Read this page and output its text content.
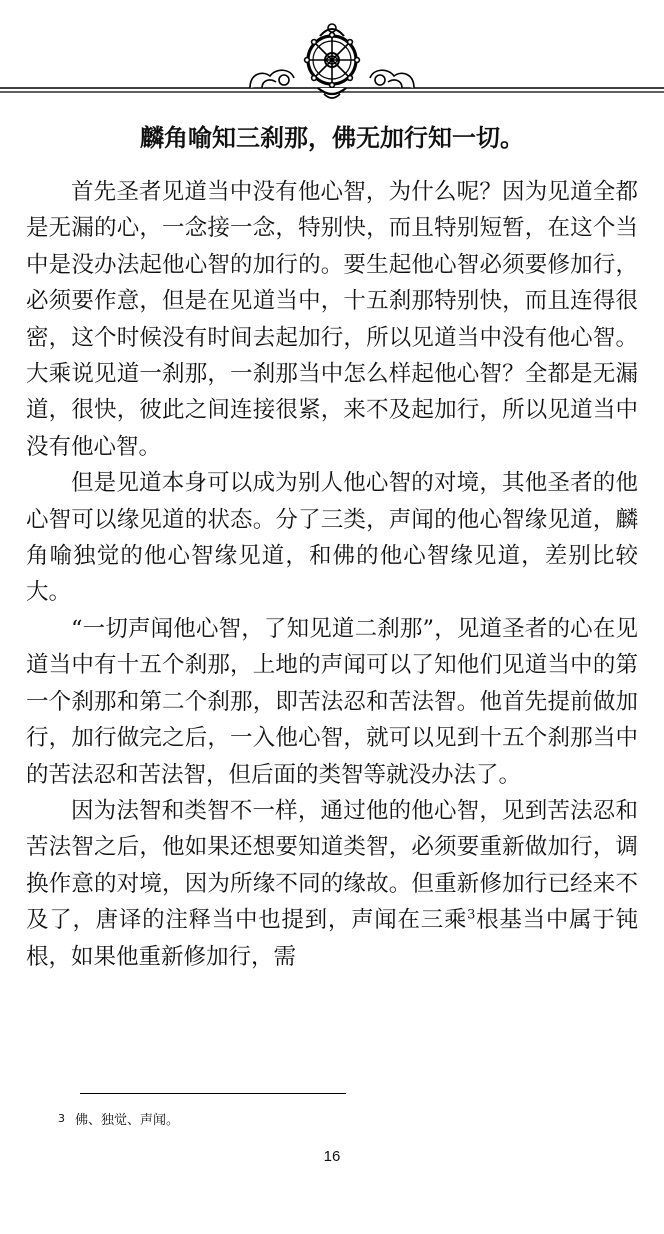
麟角喻知三刹那，佛无加行知一切。

首先圣者见道当中没有他心智，为什么呢？因为见道全都是无漏的心，一念接一念，特别快，而且特别短暂，在这个当中是没办法起他心智的加行的。要生起他心智必须要修加行，必须要作意，但是在见道当中，十五刹那特别快，而且连得很密，这个时候没有时间去起加行，所以见道当中没有他心智。大乘说见道一刹那，一刹那当中怎么样起他心智？全都是无漏道，很快，彼此之间连接很紧，来不及起加行，所以见道当中没有他心智。

但是见道本身可以成为别人他心智的对境，其他圣者的他心智可以缘见道的状态。分了三类，声闻的他心智缘见道，麟角喻独觉的他心智缘见道，和佛的他心智缘见道，差别比较大。

“一切声闻他心智，了知见道二刹那”，见道圣者的心在见道当中有十五个刹那，上地的声闻可以了知他们见道当中的第一个刹那和第二个刹那，即苦法忍和苦法智。他首先提前做加行，加行做完之后，一入他心智，就可以见到十五个刹那当中的苦法忍和苦法智，但后面的类智等就没办法了。

因为法智和类智不一样，通过他的他心智，见到苦法忍和苦法智之后，他如果还想要知道类智，必须要重新做加行，调换作意的对境，因为所缘不同的缘故。但重新修加行已经来不及了，唐译的注释当中也提到，声闻在三乘$^3$根基当中属于钝根，如果他重新修加行，需

3 佛、独觉、声闻。
16
